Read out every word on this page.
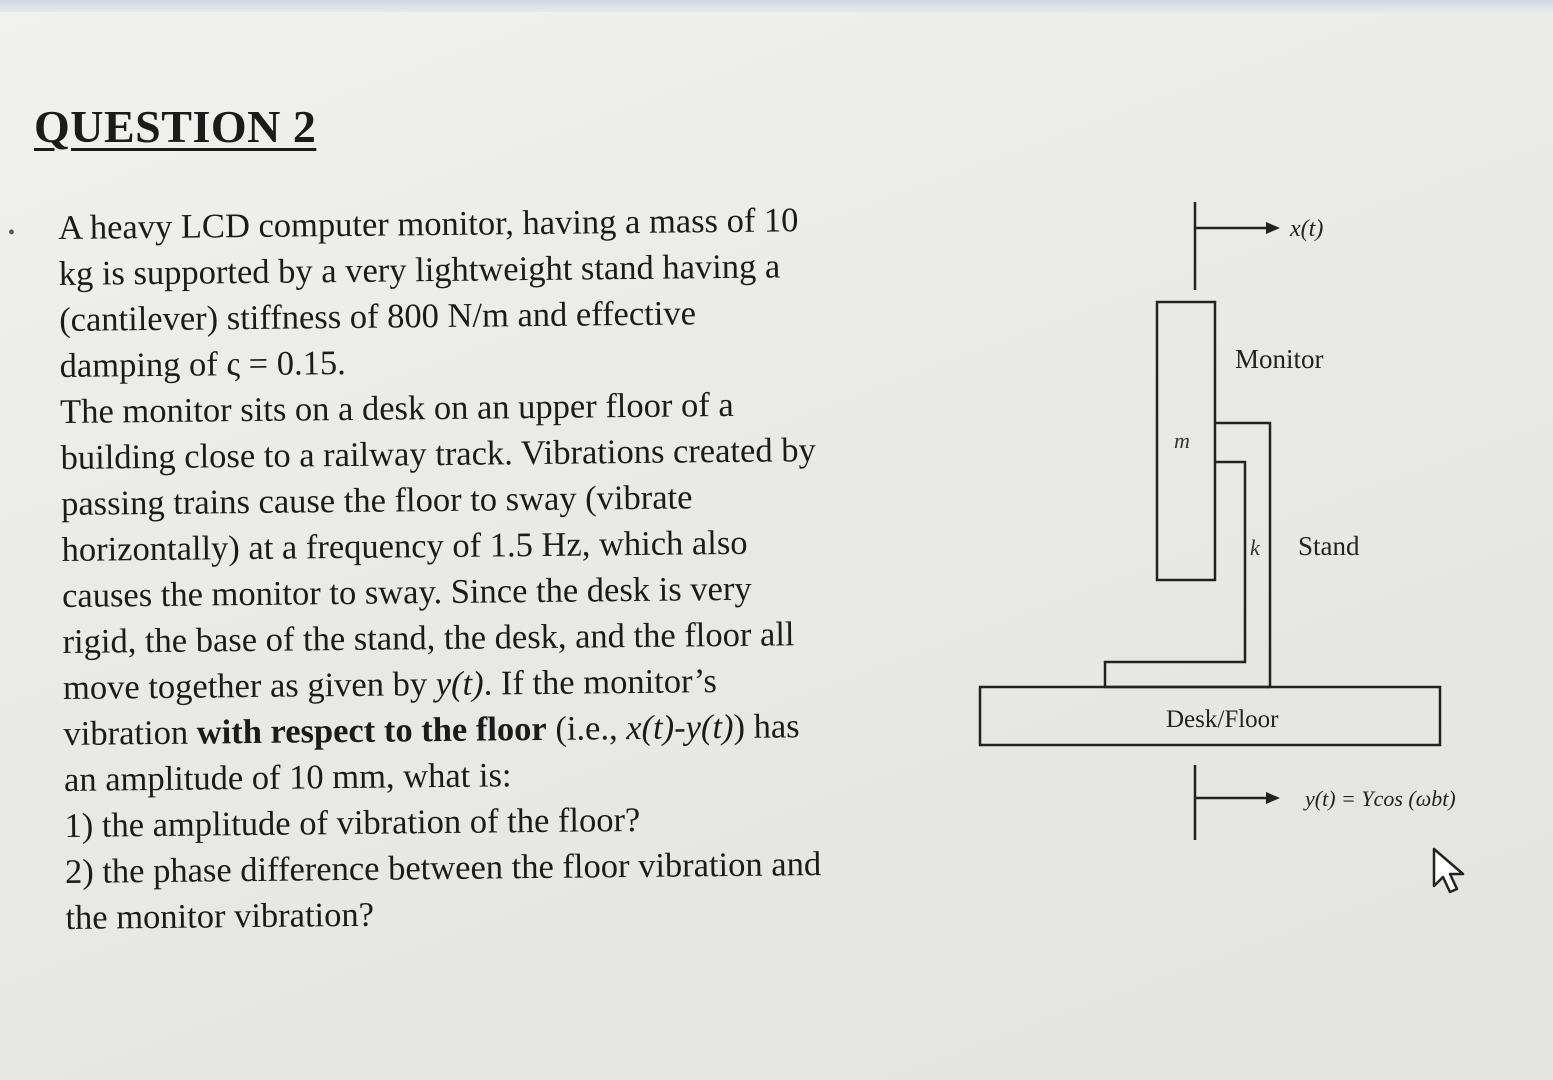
QUESTION 2
• A heavy LCD computer monitor, having a mass of 10
kg is supported by a very lightweight stand having a
(cantilever) stiffness of 800 N/m and effective
damping of ς = 0.15.
The monitor sits on a desk on an upper floor of a
building close to a railway track. Vibrations created by
passing trains cause the floor to sway (vibrate
horizontally) at a frequency of 1.5 Hz, which also
causes the monitor to sway. Since the desk is very
rigid, the base of the stand, the desk, and the floor all
move together as given by y(t). If the monitor’s
vibration with respect to the floor (i.e., x(t)-y(t)) has
an amplitude of 10 mm, what is:
1) the amplitude of vibration of the floor?
2) the phase difference between the floor vibration and
the monitor vibration?
x(t)
Monitor
m
k Stand
Desk/Floor
y(t) = Ycos (ωbt)
